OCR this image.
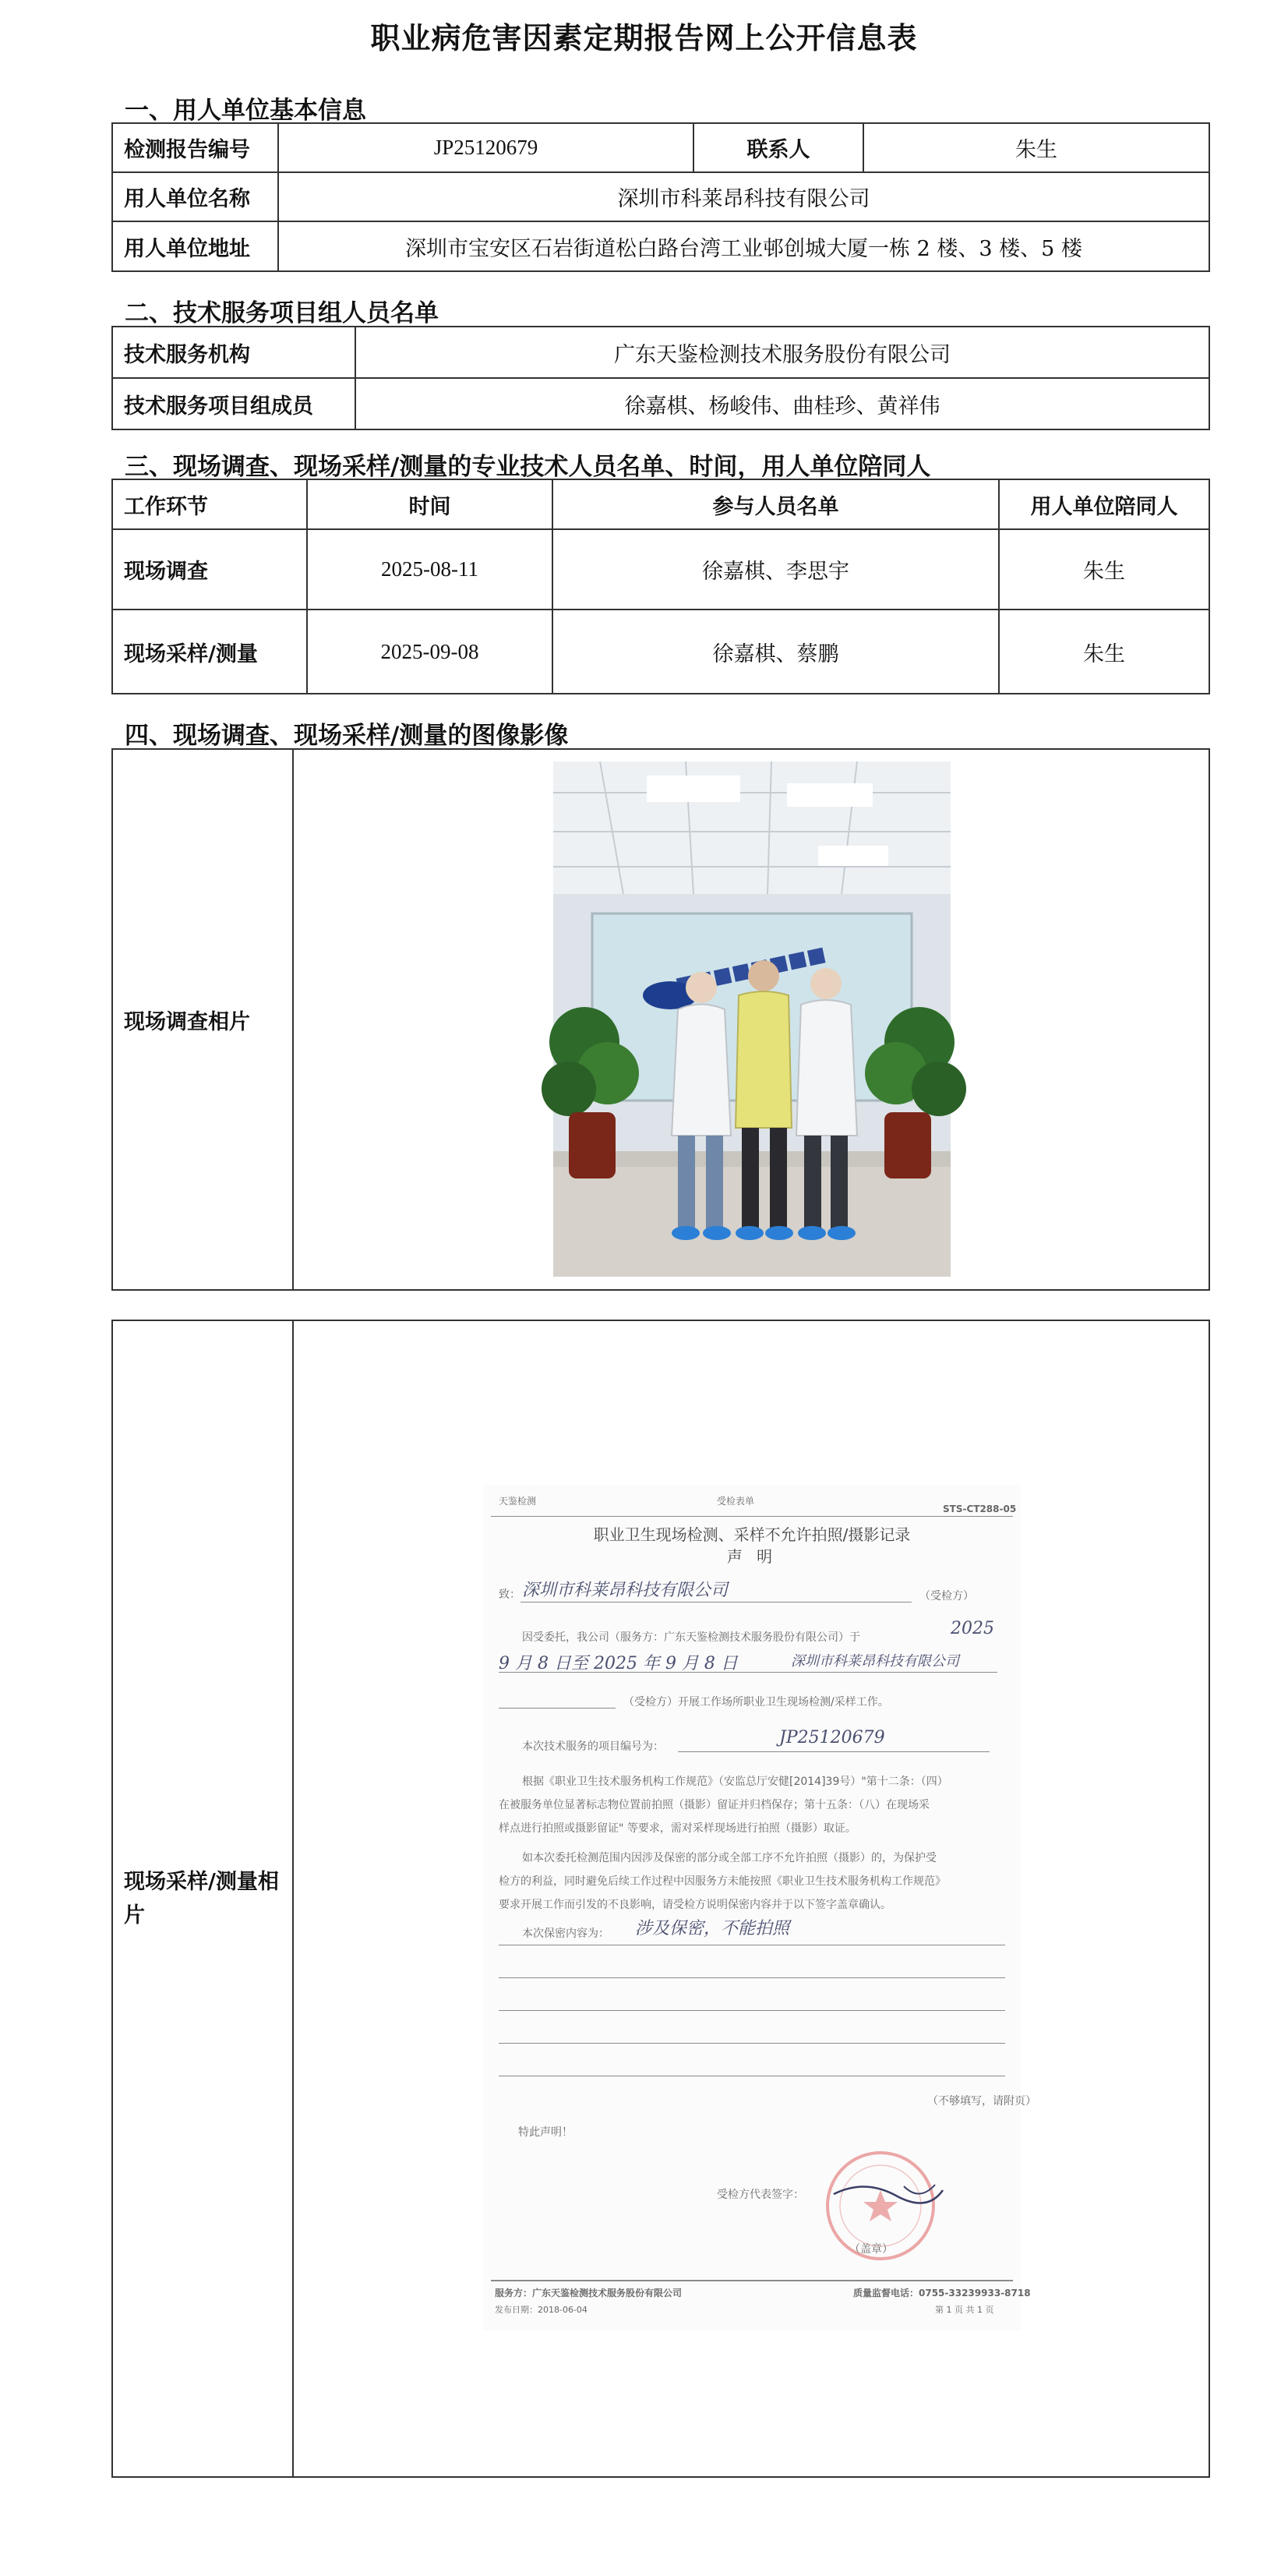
职业病危害因素定期报告网上公开信息表
一、用人单位基本信息
检测报告编号	JP25120679	联系人	朱生
用人单位名称	深圳市科莱昂科技有限公司		
用人单位地址	深圳市宝安区石岩街道松白路台湾工业邨创城大厦一栋 2 楼、3 楼、5 楼		
二、技术服务项目组人员名单
技术服务机构	广东天鉴检测技术服务股份有限公司
技术服务项目组成员	徐嘉棋、杨峻伟、曲桂珍、黄祥伟
三、现场调查、现场采样/测量的专业技术人员名单、时间，用人单位陪同人
工作环节	时间	参与人员名单	用人单位陪同人
现场调查	2025-08-11	徐嘉棋、李思宇	朱生
现场采样/测量	2025-09-08	徐嘉棋、蔡鹏	朱生
四、现场调查、现场采样/测量的图像影像
现场调查相片	
现场采样/测量相片	
天鉴检测	受检表单
STS-CT288-05
职业卫生现场检测、采样不允许拍照/摄影记录
声 明
致： 深圳市科莱昂科技有限公司	（受检方）
因受委托，我公司（服务方：广东天鉴检测技术服务股份有限公司）于	2025
9 月 8 日至 2025 年 9 月 8 日	深圳市科莱昂科技有限公司
（受检方）开展工作场所职业卫生现场检测/采样工作。
本次技术服务的项目编号为：	JP25120679
根据《职业卫生技术服务机构工作规范》（安监总厅安健[2014]39号）"第十二条：（四）
在被服务单位显著标志物位置前拍照（摄影）留证并归档保存；第十五条：（八）在现场采
样点进行拍照或摄影留证" 等要求，需对采样现场进行拍照（摄影）取证。
如本次委托检测范围内因涉及保密的部分或全部工序不允许拍照（摄影）的，为保护受
检方的利益，同时避免后续工作过程中因服务方未能按照《职业卫生技术服务机构工作规范》
要求开展工作而引发的不良影响，请受检方说明保密内容并于以下签字盖章确认。
本次保密内容为： 涉及保密，不能拍照
（不够填写，请附页）
特此声明！
受检方代表签字：
（盖章）
服务方：广东天鉴检测技术服务股份有限公司	质量监督电话：0755-33239933-8718
发布日期：2018-06-04	第 1 页 共 1 页
